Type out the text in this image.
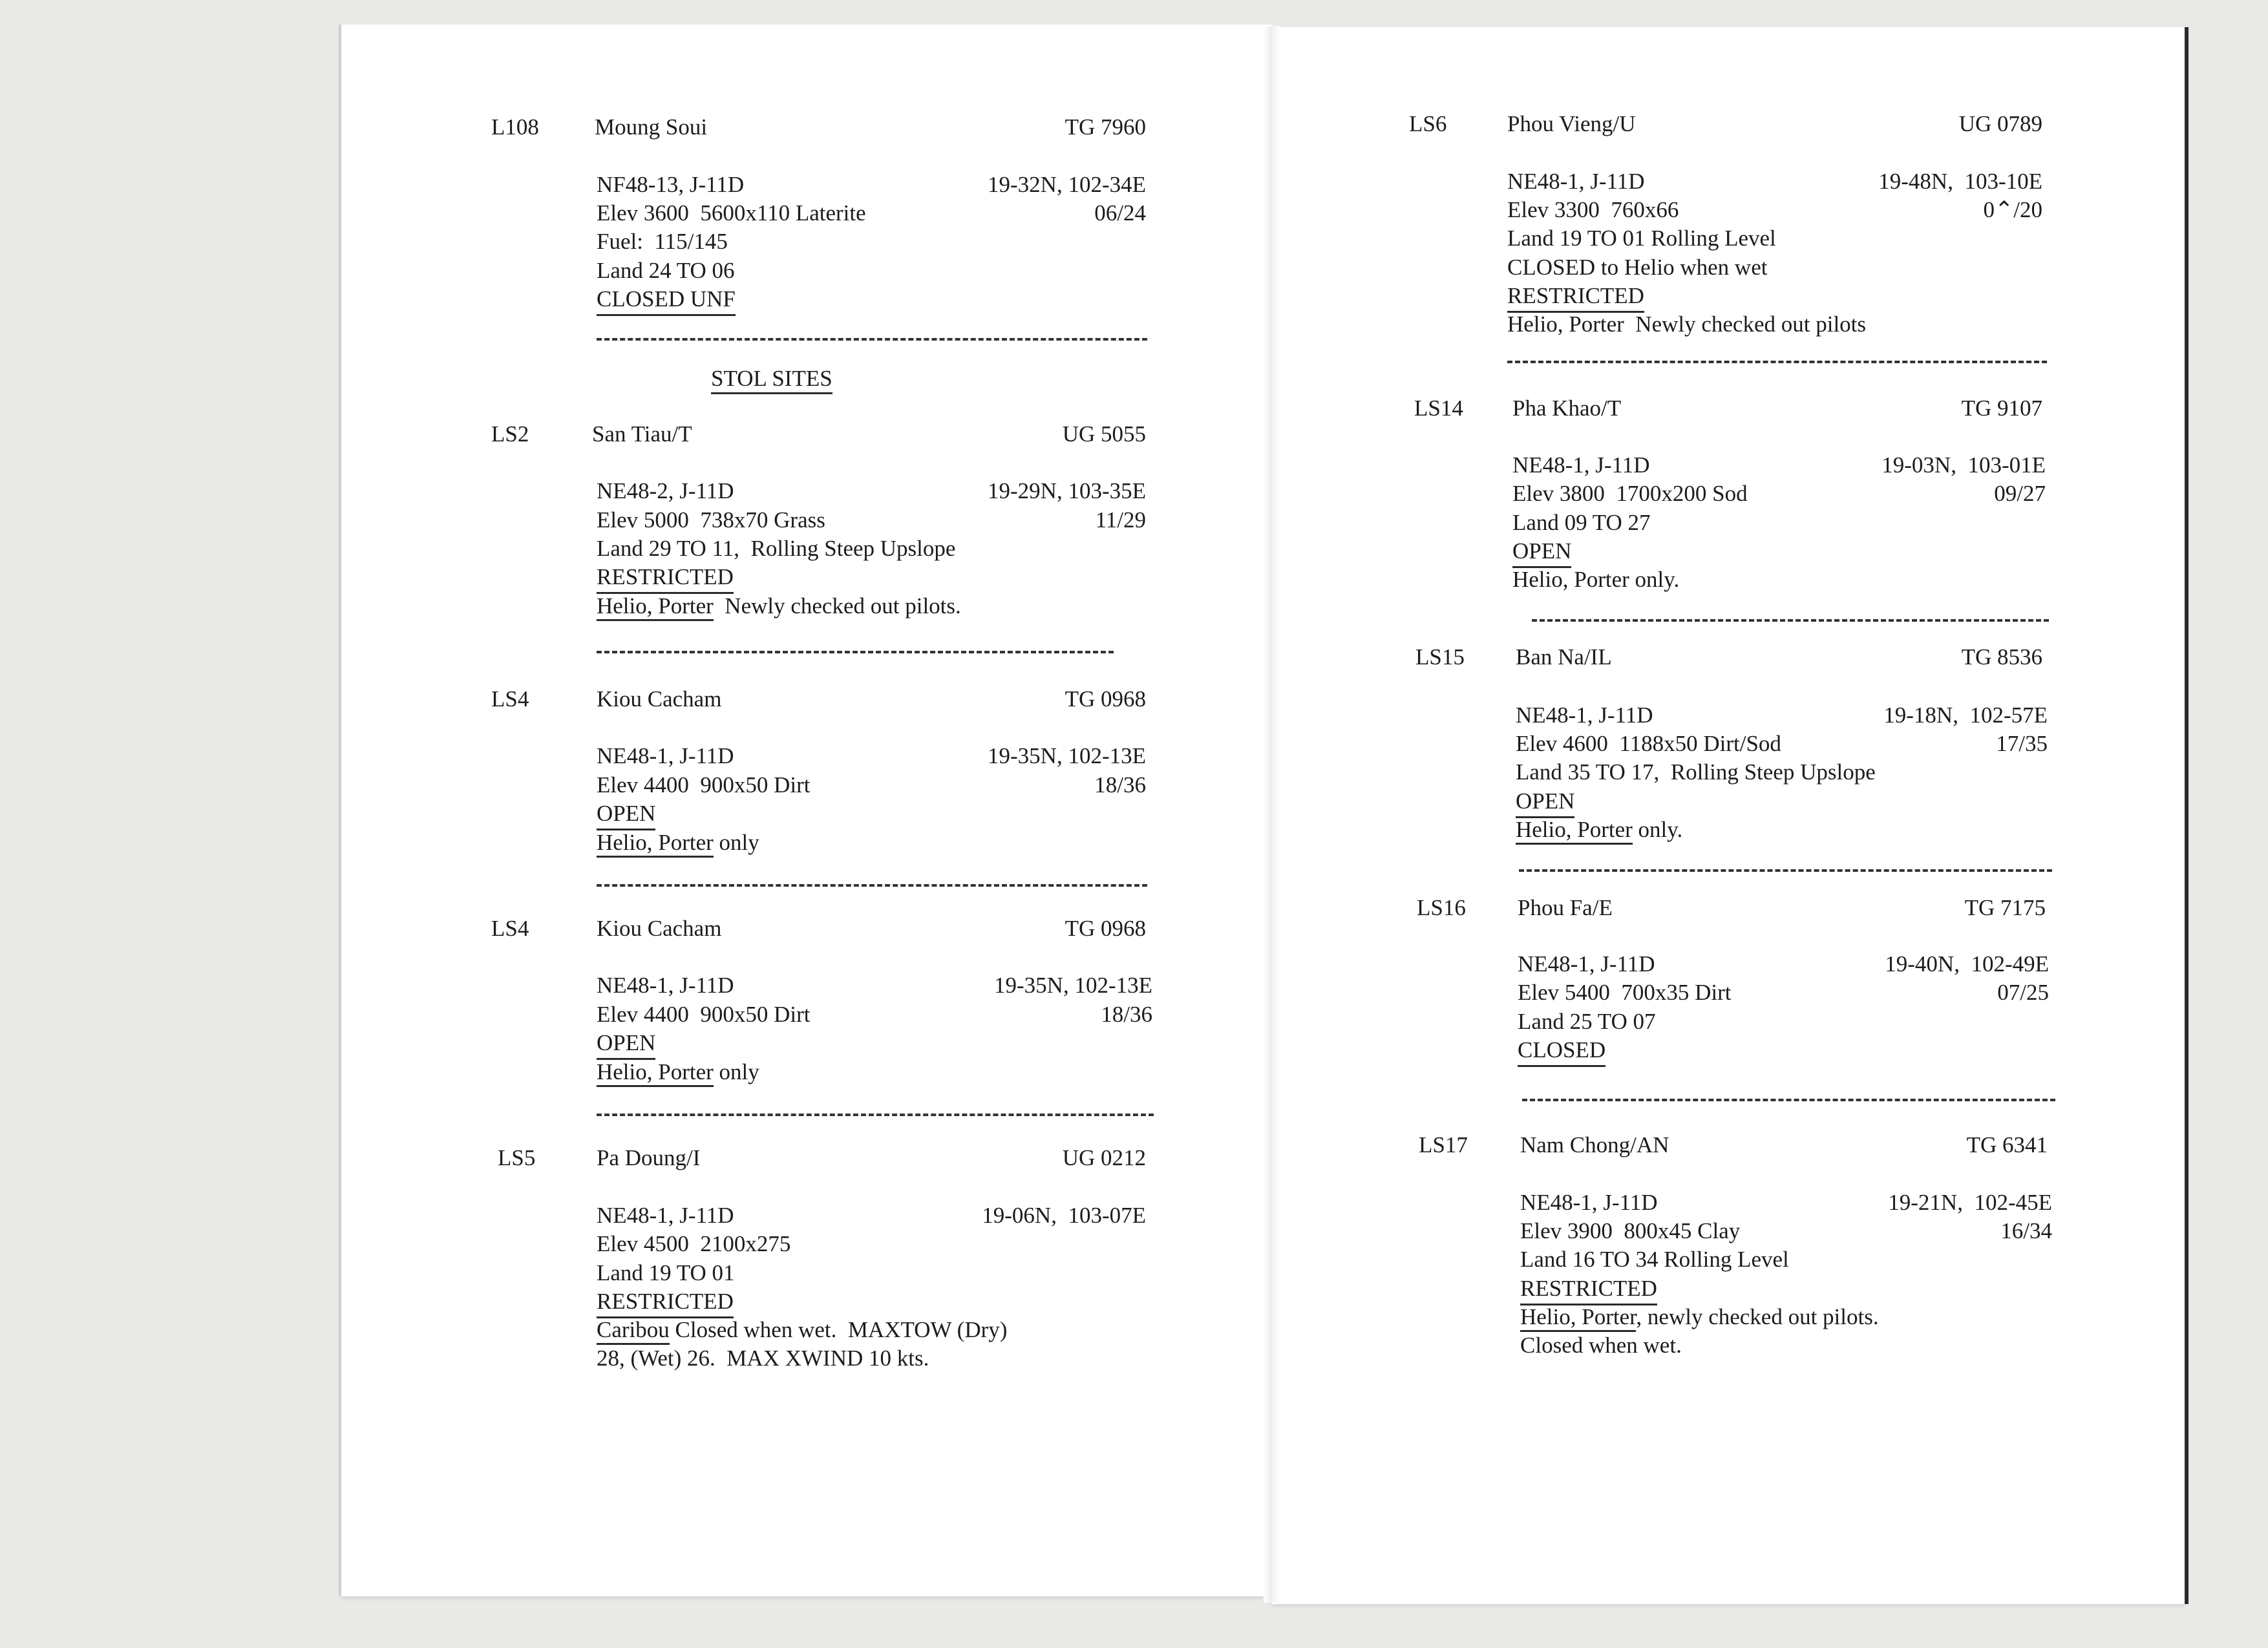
L108 Moung Soui	TG 7960
NF48-13, J-11D	19-32N, 102-34E
Elev 3600  5600x110 Laterite	06/24
Fuel:  115/145
Land 24 TO 06
CLOSED UNF
STOL SITES
LS2	San Tiau/T	UG 5055
NE48-2, J-11D	19-29N, 103-35E
Elev 5000  738x70 Grass	11/29
Land 29 TO 11,  Rolling Steep Upslope
RESTRICTED
Helio, Porter  Newly checked out pilots.
LS4	Kiou Cacham	TG 0968
NE48-1, J-11D	19-35N, 102-13E
Elev 4400  900x50 Dirt	18/36
OPEN
Helio, Porter only
LS4	Kiou Cacham	TG 0968
NE48-1, J-11D	19-35N, 102-13E
Elev 4400  900x50 Dirt	18/36
OPEN
Helio, Porter only
LS5	Pa Doung/I	UG 0212
NE48-1, J-11D	19-06N,  103-07E
Elev 4500  2100x275
Land 19 TO 01
RESTRICTED
Caribou Closed when wet.  MAXTOW (Dry)
28, (Wet) 26.  MAX XWIND 10 kts.
LS6	Phou Vieng/U	UG 0789
NE48-1, J-11D	19-48N,  103-10E
Elev 3300  760x66	0⌃/20
Land 19 TO 01 Rolling Level
CLOSED to Helio when wet
RESTRICTED
Helio, Porter  Newly checked out pilots
LS14 Pha Khao/T	TG 9107
NE48-1, J-11D	19-03N,  103-01E
Elev 3800  1700x200 Sod	09/27
Land 09 TO 27
OPEN
Helio, Porter only.
LS15 Ban Na/IL	TG 8536
NE48-1, J-11D	19-18N,  102-57E
Elev 4600  1188x50 Dirt/Sod	17/35
Land 35 TO 17,  Rolling Steep Upslope
OPEN
Helio, Porter only.
LS16 Phou Fa/E	TG 7175
NE48-1, J-11D	19-40N,  102-49E
Elev 5400  700x35 Dirt	07/25
Land 25 TO 07
CLOSED
LS17 Nam Chong/AN	TG 6341
NE48-1, J-11D	19-21N,  102-45E
Elev 3900  800x45 Clay	16/34
Land 16 TO 34 Rolling Level
RESTRICTED
Helio, Porter, newly checked out pilots.
Closed when wet.
